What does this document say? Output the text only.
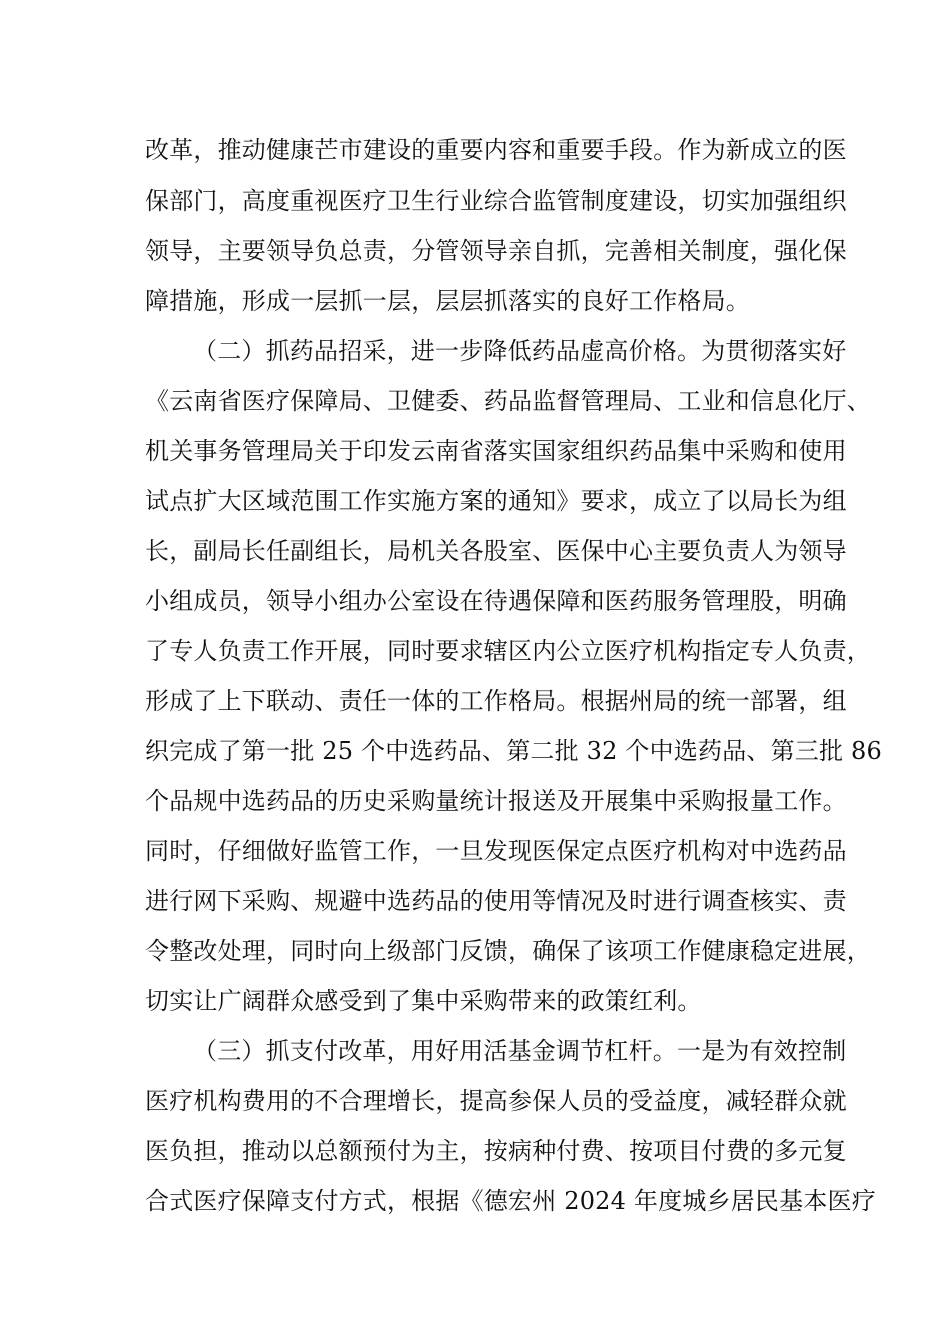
改革，推动健康芒市建设的重要内容和重要手段。作为新成立的医
保部门，高度重视医疗卫生行业综合监管制度建设，切实加强组织
领导，主要领导负总责，分管领导亲自抓，完善相关制度，强化保
障措施，形成一层抓一层，层层抓落实的良好工作格局。
（二）抓药品招采，进一步降低药品虚高价格。为贯彻落实好
《云南省医疗保障局、卫健委、药品监督管理局、工业和信息化厅、
机关事务管理局关于印发云南省落实国家组织药品集中采购和使用
试点扩大区域范围工作实施方案的通知》要求，成立了以局长为组
长，副局长任副组长，局机关各股室、医保中心主要负责人为领导
小组成员，领导小组办公室设在待遇保障和医药服务管理股，明确
了专人负责工作开展，同时要求辖区内公立医疗机构指定专人负责，
形成了上下联动、责任一体的工作格局。根据州局的统一部署，组
织完成了第一批 25 个中选药品、第二批 32 个中选药品、第三批 86
个品规中选药品的历史采购量统计报送及开展集中采购报量工作。
同时，仔细做好监管工作，一旦发现医保定点医疗机构对中选药品
进行网下采购、规避中选药品的使用等情况及时进行调查核实、责
令整改处理，同时向上级部门反馈，确保了该项工作健康稳定进展，
切实让广阔群众感受到了集中采购带来的政策红利。
（三）抓支付改革，用好用活基金调节杠杆。一是为有效控制
医疗机构费用的不合理增长，提高参保人员的受益度，减轻群众就
医负担，推动以总额预付为主，按病种付费、按项目付费的多元复
合式医疗保障支付方式，根据《德宏州 2024 年度城乡居民基本医疗
